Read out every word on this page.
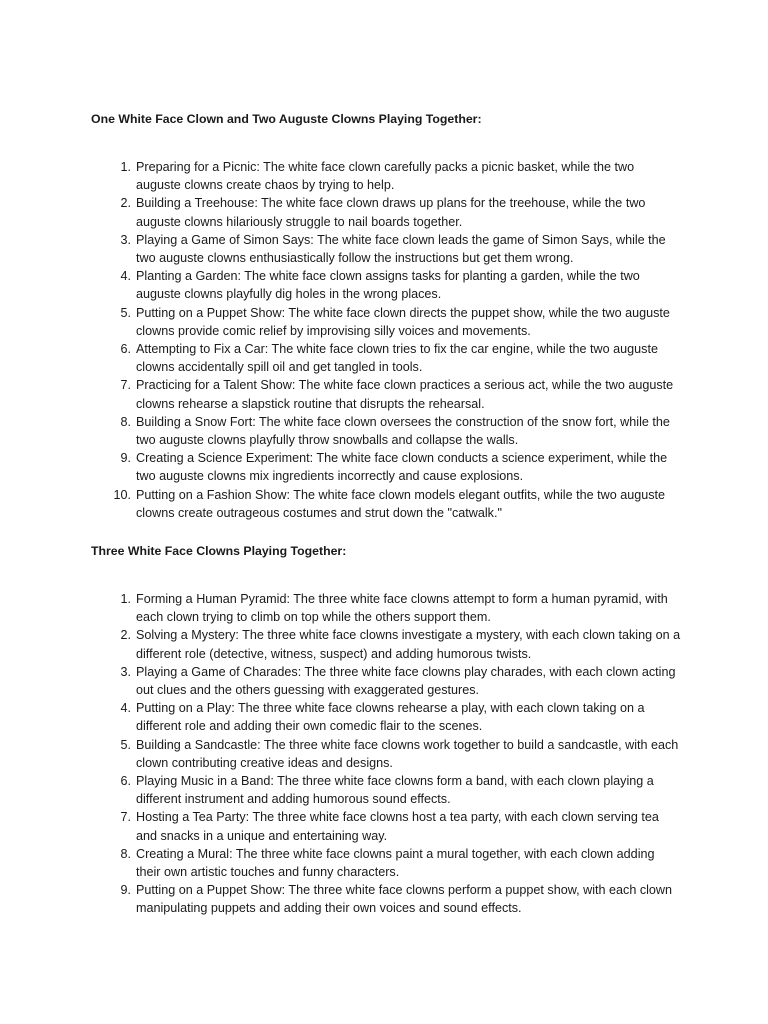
One White Face Clown and Two Auguste Clowns Playing Together:
1. Preparing for a Picnic: The white face clown carefully packs a picnic basket, while the two auguste clowns create chaos by trying to help.
2. Building a Treehouse: The white face clown draws up plans for the treehouse, while the two auguste clowns hilariously struggle to nail boards together.
3. Playing a Game of Simon Says: The white face clown leads the game of Simon Says, while the two auguste clowns enthusiastically follow the instructions but get them wrong.
4. Planting a Garden: The white face clown assigns tasks for planting a garden, while the two auguste clowns playfully dig holes in the wrong places.
5. Putting on a Puppet Show: The white face clown directs the puppet show, while the two auguste clowns provide comic relief by improvising silly voices and movements.
6. Attempting to Fix a Car: The white face clown tries to fix the car engine, while the two auguste clowns accidentally spill oil and get tangled in tools.
7. Practicing for a Talent Show: The white face clown practices a serious act, while the two auguste clowns rehearse a slapstick routine that disrupts the rehearsal.
8. Building a Snow Fort: The white face clown oversees the construction of the snow fort, while the two auguste clowns playfully throw snowballs and collapse the walls.
9. Creating a Science Experiment: The white face clown conducts a science experiment, while the two auguste clowns mix ingredients incorrectly and cause explosions.
10. Putting on a Fashion Show: The white face clown models elegant outfits, while the two auguste clowns create outrageous costumes and strut down the "catwalk."
Three White Face Clowns Playing Together:
1. Forming a Human Pyramid: The three white face clowns attempt to form a human pyramid, with each clown trying to climb on top while the others support them.
2. Solving a Mystery: The three white face clowns investigate a mystery, with each clown taking on a different role (detective, witness, suspect) and adding humorous twists.
3. Playing a Game of Charades: The three white face clowns play charades, with each clown acting out clues and the others guessing with exaggerated gestures.
4. Putting on a Play: The three white face clowns rehearse a play, with each clown taking on a different role and adding their own comedic flair to the scenes.
5. Building a Sandcastle: The three white face clowns work together to build a sandcastle, with each clown contributing creative ideas and designs.
6. Playing Music in a Band: The three white face clowns form a band, with each clown playing a different instrument and adding humorous sound effects.
7. Hosting a Tea Party: The three white face clowns host a tea party, with each clown serving tea and snacks in a unique and entertaining way.
8. Creating a Mural: The three white face clowns paint a mural together, with each clown adding their own artistic touches and funny characters.
9. Putting on a Puppet Show: The three white face clowns perform a puppet show, with each clown manipulating puppets and adding their own voices and sound effects.
